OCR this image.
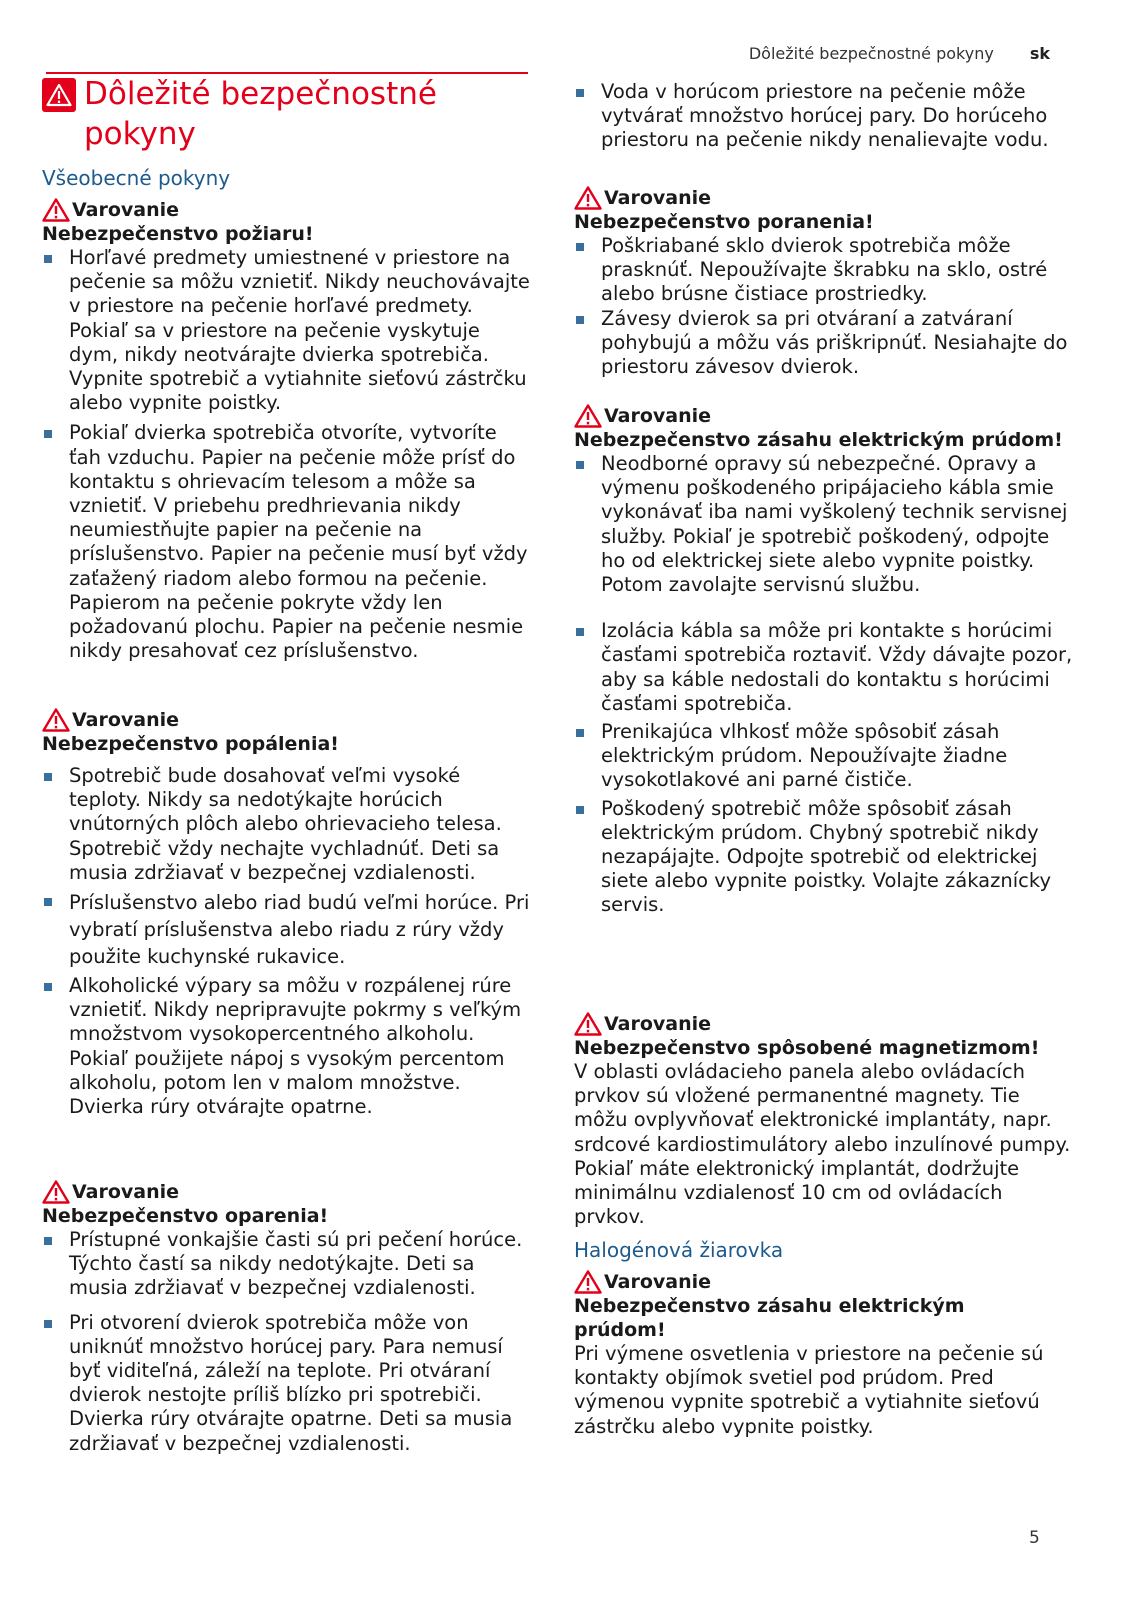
Dôležité bezpečnostné pokyny sk
Dôležité bezpečnostné pokyny
Všeobecné pokyny
Varovanie
Nebezpečenstvo požiaru!
Horľavé predmety umiestnené v priestore na pečenie sa môžu vznietiť. Nikdy neuchovávajte v priestore na pečenie horľavé predmety. Pokiaľ sa v priestore na pečenie vyskytuje dym, nikdy neotvárajte dvierka spotrebiča. Vypnite spotrebič a vytiahnite sieťovú zástrčku alebo vypnite poistky.
Pokiaľ dvierka spotrebiča otvoríte, vytvoríte ťah vzduchu. Papier na pečenie môže prísť do kontaktu s ohrievacím telesom a môže sa vznietiť. V priebehu predhrievania nikdy neumiestňujte papier na pečenie na príslušenstvo. Papier na pečenie musí byť vždy zaťažený riadom alebo formou na pečenie. Papierom na pečenie pokryte vždy len požadovanú plochu. Papier na pečenie nesmie nikdy presahovať cez príslušenstvo.
Varovanie
Nebezpečenstvo popálenia!
Spotrebič bude dosahovať veľmi vysoké teploty. Nikdy sa nedotýkajte horúcich vnútorných plôch alebo ohrievacieho telesa. Spotrebič vždy nechajte vychladnúť. Deti sa musia zdržiavať v bezpečnej vzdialenosti.
Príslušenstvo alebo riad budú veľmi horúce. Pri vybratí príslušenstva alebo riadu z rúry vždy použite kuchynské rukavice.
Alkoholické výpary sa môžu v rozpálenej rúre vznietiť. Nikdy nepripravujte pokrmy s veľkým množstvom vysokopercentného alkoholu. Pokiaľ použijete nápoj s vysokým percentom alkoholu, potom len v malom množstve. Dvierka rúry otvárajte opatrne.
Varovanie
Nebezpečenstvo oparenia!
Prístupné vonkajšie časti sú pri pečení horúce. Týchto častí sa nikdy nedotýkajte. Deti sa musia zdržiavať v bezpečnej vzdialenosti.
Pri otvorení dvierok spotrebiča môže von uniknúť množstvo horúcej pary. Para nemusí byť viditeľná, záleží na teplote. Pri otváraní dvierok nestojte príliš blízko pri spotrebiči. Dvierka rúry otvárajte opatrne. Deti sa musia zdržiavať v bezpečnej vzdialenosti.
Voda v horúcom priestore na pečenie môže vytvárať množstvo horúcej pary. Do horúceho priestoru na pečenie nikdy nenalievajte vodu.
Varovanie
Nebezpečenstvo poranenia!
Poškriabané sklo dvierok spotrebiča môže prasknúť. Nepoužívajte škrabku na sklo, ostré alebo brúsne čistiace prostriedky.
Závesy dvierok sa pri otváraní a zatváraní pohybujú a môžu vás priškripnúť. Nesiahajte do priestoru závesov dvierok.
Varovanie
Nebezpečenstvo zásahu elektrickým prúdom!
Neodborné opravy sú nebezpečné. Opravy a výmenu poškodeného pripájacieho kábla smie vykonávať iba nami vyškolený technik servisnej služby. Pokiaľ je spotrebič poškodený, odpojte ho od elektrickej siete alebo vypnite poistky. Potom zavolajte servisnú službu.
Izolácia kábla sa môže pri kontakte s horúcimi časťami spotrebiča roztaviť. Vždy dávajte pozor, aby sa káble nedostali do kontaktu s horúcimi časťami spotrebiča.
Prenikajúca vlhkosť môže spôsobiť zásah elektrickým prúdom. Nepoužívajte žiadne vysokotlakové ani parné čističe.
Poškodený spotrebič môže spôsobiť zásah elektrickým prúdom. Chybný spotrebič nikdy nezapájajte. Odpojte spotrebič od elektrickej siete alebo vypnite poistky. Volajte zákaznícky servis.
Varovanie
Nebezpečenstvo spôsobené magnetizmom!
V oblasti ovládacieho panela alebo ovládacích prvkov sú vložené permanentné magnety. Tie môžu ovplyvňovať elektronické implantáty, napr. srdcové kardiostimulátory alebo inzulínové pumpy. Pokiaľ máte elektronický implantát, dodržujte minimálnu vzdialenosť 10 cm od ovládacích prvkov.
Halogénová žiarovka
Varovanie
Nebezpečenstvo zásahu elektrickým prúdom!
Pri výmene osvetlenia v priestore na pečenie sú kontakty objímok svetiel pod prúdom. Pred výmenou vypnite spotrebič a vytiahnite sieťovú zástrčku alebo vypnite poistky.
5
